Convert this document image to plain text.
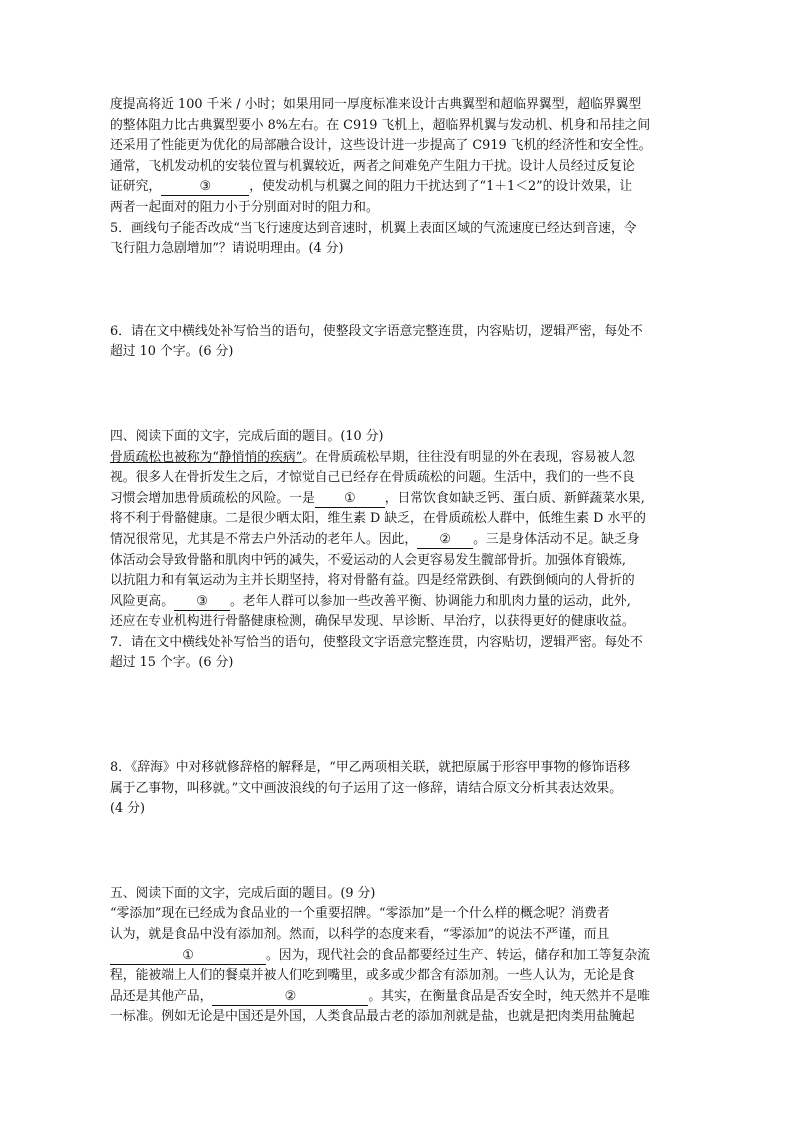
度提高将近 100 千米 / 小时；如果用同一厚度标准来设计古典翼型和超临界翼型，超临界翼型

的整体阻力比古典翼型要小 8%左右。在 C919 飞机上，超临界机翼与发动机、机身和吊挂之间

还采用了性能更为优化的局部融合设计，这些设计进一步提高了 C919 飞机的经济性和安全性。

通常，飞机发动机的安装位置与机翼较近，两者之间难免产生阻力干扰。设计人员经过反复论

证研究，	③	，使发动机与机翼之间的阻力干扰达到了“1＋1＜2”的设计效果，让

两者一起面对的阻力小于分别面对时的阻力和。

5．画线句子能否改成“当飞行速度达到音速时，机翼上表面区域的气流速度已经达到音速，令

飞行阻力急剧增加”？请说明理由。(4 分)

6．请在文中横线处补写恰当的语句，使整段文字语意完整连贯，内容贴切，逻辑严密，每处不

超过 10 个字。(6 分)

四、阅读下面的文字，完成后面的题目。(10 分)

骨质疏松也被称为“静悄悄的疾病”。在骨质疏松早期，往往没有明显的外在表现，容易被人忽

视。很多人在骨折发生之后，才惊觉自己已经存在骨质疏松的问题。生活中，我们的一些不良

习惯会增加患骨质疏松的风险。一是 ① ，日常饮食如缺乏钙、蛋白质、新鲜蔬菜水果,

将不利于骨骼健康。二是很少晒太阳，维生素 D 缺乏，在骨质疏松人群中，低维生素 D 水平的

情况很常见，尤其是不常去户外活动的老年人。因此， ② 。三是身体活动不足。缺乏身

体活动会导致骨骼和肌肉中钙的减失，不爱运动的人会更容易发生髋部骨折。加强体育锻炼,

以抗阻力和有氧运动为主并长期坚持，将对骨骼有益。四是经常跌倒、有跌倒倾向的人骨折的

风险更高。 ③ 。老年人群可以参加一些改善平衡、协调能力和肌肉力量的运动，此外,

还应在专业机构进行骨骼健康检测，确保早发现、早诊断、早治疗，以获得更好的健康收益。

7．请在文中横线处补写恰当的语句，使整段文字语意完整连贯，内容贴切，逻辑严密。每处不

超过 15 个字。(6 分)

8．《辞海》中对移就修辞格的解释是，“甲乙两项相关联，就把原属于形容甲事物的修饰语移

属于乙事物，叫移就。”文中画波浪线的句子运用了这一修辞，请结合原文分析其表达效果。

(4 分)

五、阅读下面的文字，完成后面的题目。(9 分)

“零添加”现在已经成为食品业的一个重要招牌。“零添加”是一个什么样的概念呢？消费者

认为，就是食品中没有添加剂。然而，以科学的态度来看，“零添加”的说法不严谨，而且

①	。因为，现代社会的食品都要经过生产、转运，储存和加工等复杂流

程，能被端上人们的餐桌并被人们吃到嘴里，或多或少都含有添加剂。一些人认为，无论是食

品还是其他产品，	②	。其实，在衡量食品是否安全时，纯天然并不是唯

一标准。例如无论是中国还是外国，人类食品最古老的添加剂就是盐，也就是把肉类用盐腌起
